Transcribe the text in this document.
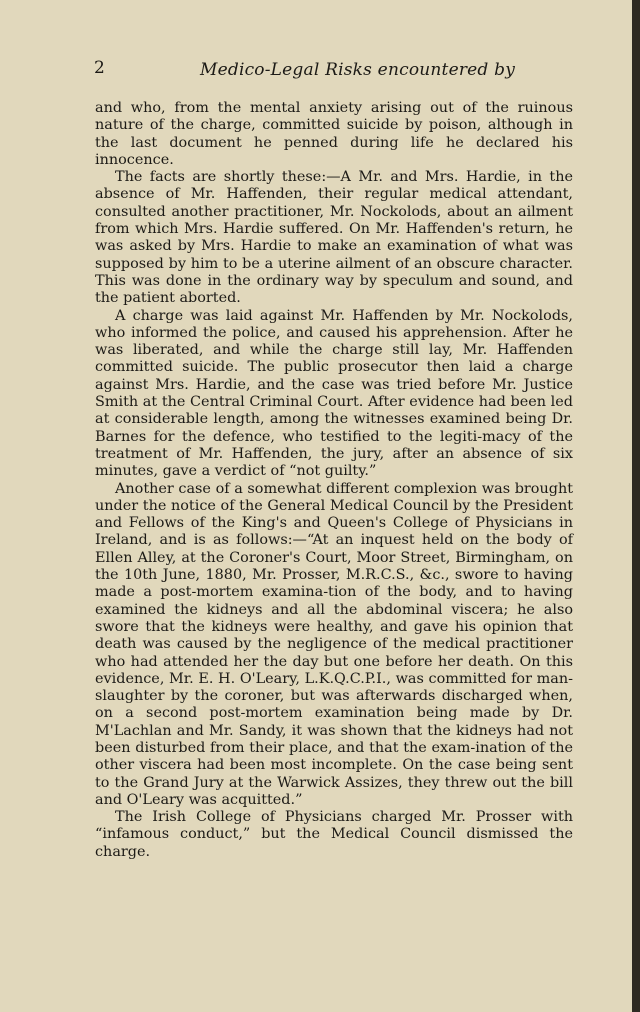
2	Medico-Legal Risks encountered by

and who, from the mental anxiety arising out of the ruinous nature of the charge, committed suicide by poison, although in the last document he penned during life he declared his innocence.

The facts are shortly these:—A Mr. and Mrs. Hardie, in the absence of Mr. Haffenden, their regular medical attendant, consulted another practitioner, Mr. Nockolods, about an ailment from which Mrs. Hardie suffered. On Mr. Haffenden's return, he was asked by Mrs. Hardie to make an examination of what was supposed by him to be a uterine ailment of an obscure character. This was done in the ordinary way by speculum and sound, and the patient aborted.

A charge was laid against Mr. Haffenden by Mr. Nockolods, who informed the police, and caused his apprehension. After he was liberated, and while the charge still lay, Mr. Haffenden committed suicide. The public prosecutor then laid a charge against Mrs. Hardie, and the case was tried before Mr. Justice Smith at the Central Criminal Court. After evidence had been led at considerable length, among the witnesses examined being Dr. Barnes for the defence, who testified to the legiti-macy of the treatment of Mr. Haffenden, the jury, after an absence of six minutes, gave a verdict of “not guilty.”

Another case of a somewhat different complexion was brought under the notice of the General Medical Council by the President and Fellows of the King's and Queen's College of Physicians in Ireland, and is as follows:—“At an inquest held on the body of Ellen Alley, at the Coroner's Court, Moor Street, Birmingham, on the 10th June, 1880, Mr. Prosser, M.R.C.S., &c., swore to having made a post-mortem examina-tion of the body, and to having examined the kidneys and all the abdominal viscera; he also swore that the kidneys were healthy, and gave his opinion that death was caused by the negligence of the medical practitioner who had attended her the day but one before her death. On this evidence, Mr. E. H. O'Leary, L.K.Q.C.P.I., was committed for man-slaughter by the coroner, but was afterwards discharged when, on a second post-mortem examination being made by Dr. M'Lachlan and Mr. Sandy, it was shown that the kidneys had not been disturbed from their place, and that the exam-ination of the other viscera had been most incomplete. On the case being sent to the Grand Jury at the Warwick Assizes, they threw out the bill and O'Leary was acquitted.”

The Irish College of Physicians charged Mr. Prosser with “infamous conduct,” but the Medical Council dismissed the charge.
